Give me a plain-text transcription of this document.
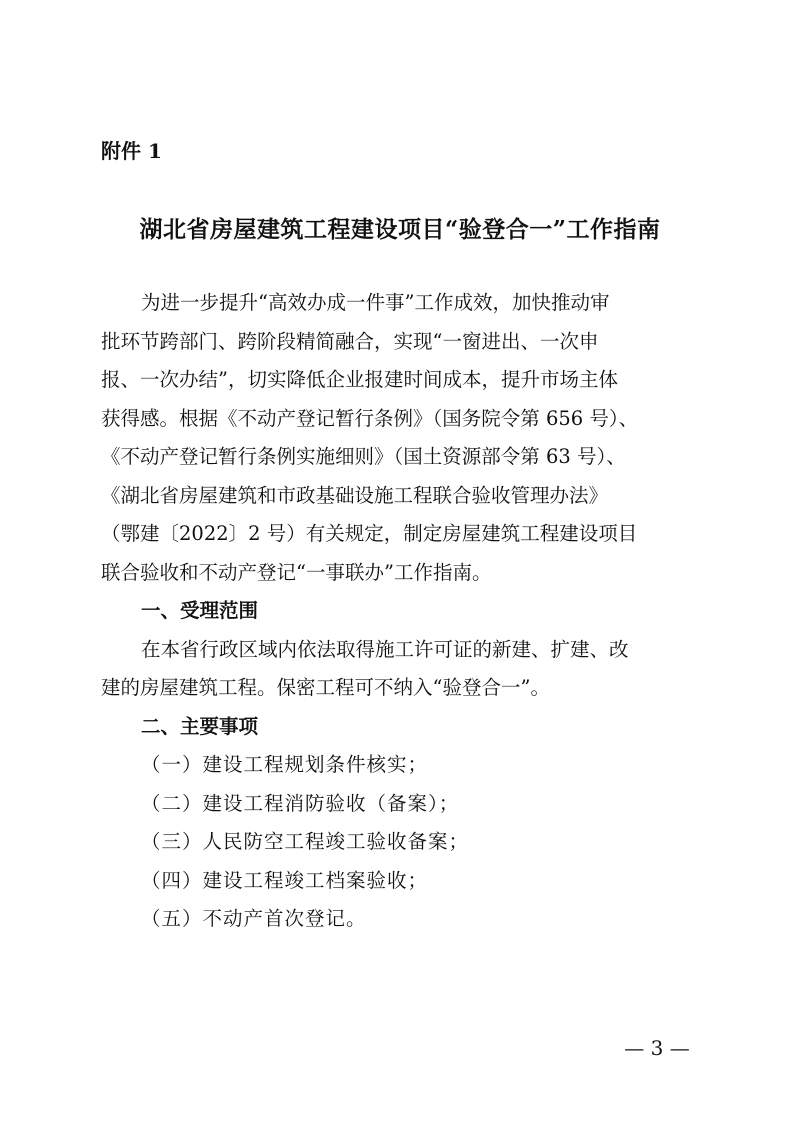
附件 1
湖北省房屋建筑工程建设项目“验登合一”工作指南
为进一步提升“高效办成一件事”工作成效，加快推动审
批环节跨部门、跨阶段精简融合，实现“一窗进出、一次申
报、一次办结”，切实降低企业报建时间成本，提升市场主体
获得感。根据《不动产登记暂行条例》（国务院令第 656 号）、
《不动产登记暂行条例实施细则》（国土资源部令第 63 号）、
《湖北省房屋建筑和市政基础设施工程联合验收管理办法》
（鄂建〔2022〕2 号）有关规定，制定房屋建筑工程建设项目
联合验收和不动产登记“一事联办”工作指南。
一、受理范围
在本省行政区域内依法取得施工许可证的新建、扩建、改
建的房屋建筑工程。保密工程可不纳入“验登合一”。
二、主要事项
（一）建设工程规划条件核实；
（二）建设工程消防验收（备案）；
（三）人民防空工程竣工验收备案；
（四）建设工程竣工档案验收；
（五）不动产首次登记。
— 3 —
